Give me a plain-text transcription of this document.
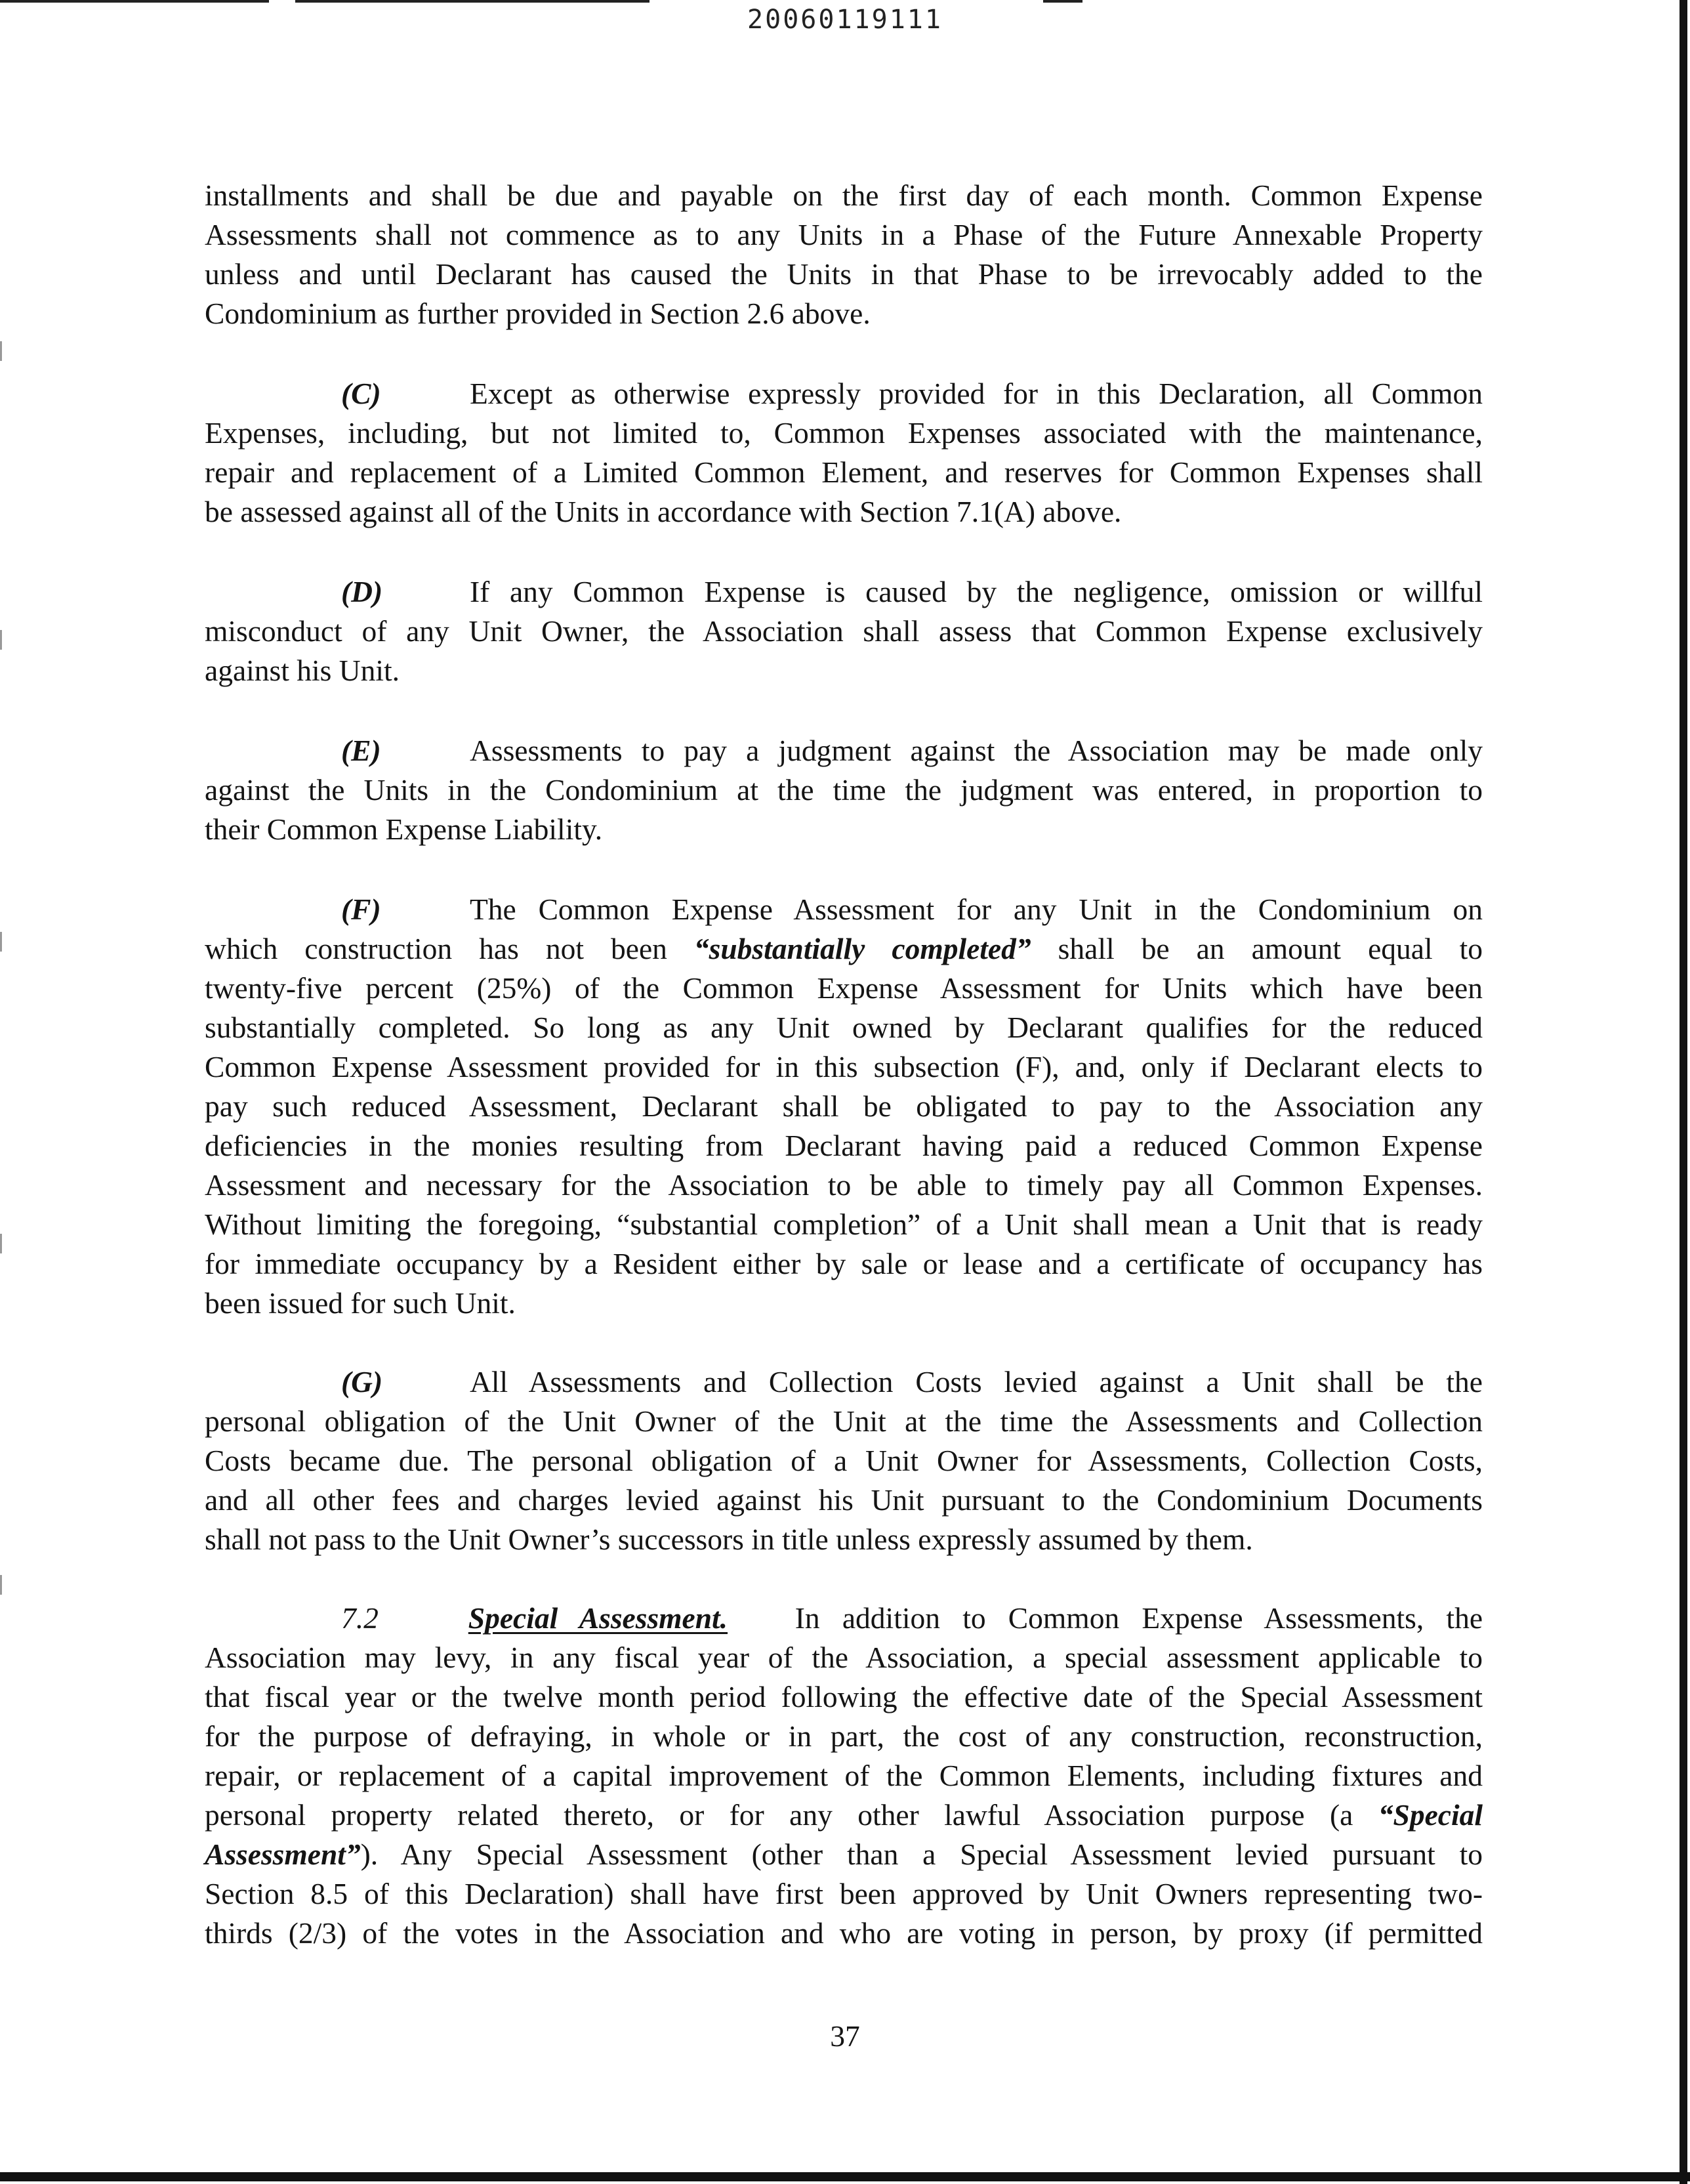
20060119111
installments and shall be due and payable on the first day of each month. Common Expense
Assessments shall not commence as to any Units in a Phase of the Future Annexable Property
unless and until Declarant has caused the Units in that Phase to be irrevocably added to the
Condominium as further provided in Section 2.6 above.
(C)	Except as otherwise expressly provided for in this Declaration, all Common
Expenses, including, but not limited to, Common Expenses associated with the maintenance,
repair and replacement of a Limited Common Element, and reserves for Common Expenses shall
be assessed against all of the Units in accordance with Section 7.1(A) above.
(D)	If any Common Expense is caused by the negligence, omission or willful
misconduct of any Unit Owner, the Association shall assess that Common Expense exclusively
against his Unit.
(E)	Assessments to pay a judgment against the Association may be made only
against the Units in the Condominium at the time the judgment was entered, in proportion to
their Common Expense Liability.
(F)	The Common Expense Assessment for any Unit in the Condominium on
which construction has not been “substantially completed” shall be an amount equal to
twenty-five percent (25%) of the Common Expense Assessment for Units which have been
substantially completed. So long as any Unit owned by Declarant qualifies for the reduced
Common Expense Assessment provided for in this subsection (F), and, only if Declarant elects to
pay such reduced Assessment, Declarant shall be obligated to pay to the Association any
deficiencies in the monies resulting from Declarant having paid a reduced Common Expense
Assessment and necessary for the Association to be able to timely pay all Common Expenses.
Without limiting the foregoing, “substantial completion” of a Unit shall mean a Unit that is ready
for immediate occupancy by a Resident either by sale or lease and a certificate of occupancy has
been issued for such Unit.
(G)	All Assessments and Collection Costs levied against a Unit shall be the
personal obligation of the Unit Owner of the Unit at the time the Assessments and Collection
Costs became due. The personal obligation of a Unit Owner for Assessments, Collection Costs,
and all other fees and charges levied against his Unit pursuant to the Condominium Documents
shall not pass to the Unit Owner’s successors in title unless expressly assumed by them.
7.2	Special Assessment. In addition to Common Expense Assessments, the
Association may levy, in any fiscal year of the Association, a special assessment applicable to
that fiscal year or the twelve month period following the effective date of the Special Assessment
for the purpose of defraying, in whole or in part, the cost of any construction, reconstruction,
repair, or replacement of a capital improvement of the Common Elements, including fixtures and
personal property related thereto, or for any other lawful Association purpose (a “Special
Assessment”). Any Special Assessment (other than a Special Assessment levied pursuant to
Section 8.5 of this Declaration) shall have first been approved by Unit Owners representing two-
thirds (2/3) of the votes in the Association and who are voting in person, by proxy (if permitted
37
